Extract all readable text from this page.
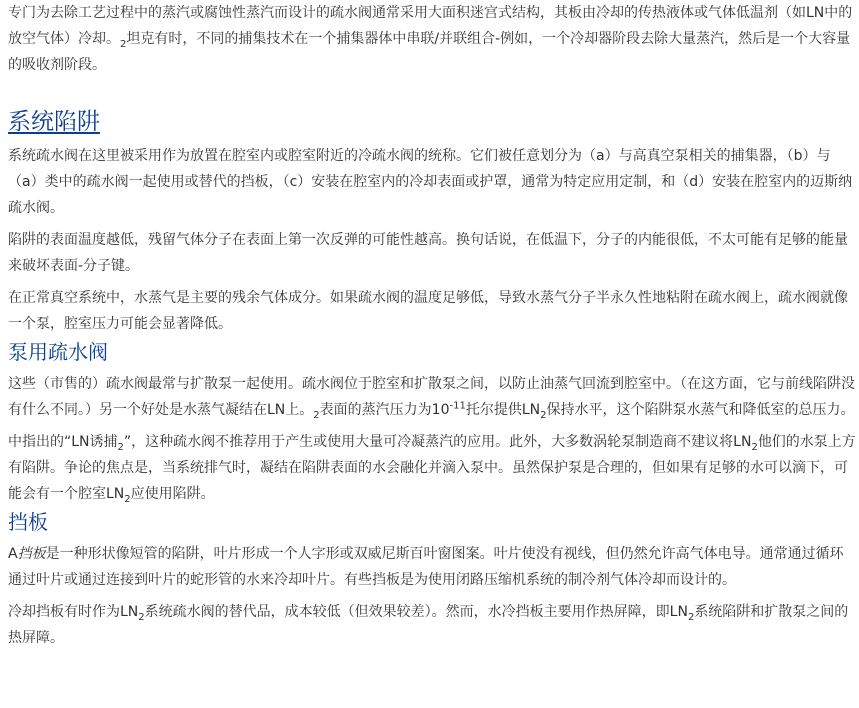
专门为去除工艺过程中的蒸汽或腐蚀性蒸汽而设计的疏水阀通常采用大面积迷宫式结构，其板由冷却的传热液体或气体低温剂（如LN中的放空气体）冷却。$_2$坦克有时，不同的捕集技术在一个捕集器体中串联/并联组合-例如，一个冷却器阶段去除大量蒸汽，然后是一个大容量的吸收剂阶段。

系统陷阱

系统疏水阀在这里被采用作为放置在腔室内或腔室附近的冷疏水阀的统称。它们被任意划分为（a）与高真空泵相关的捕集器，（b）与（a）类中的疏水阀一起使用或替代的挡板，（c）安装在腔室内的冷却表面或护罩，通常为特定应用定制，和（d）安装在腔室内的迈斯纳疏水阀。

陷阱的表面温度越低，残留气体分子在表面上第一次反弹的可能性越高。换句话说，在低温下，分子的内能很低，不太可能有足够的能量来破坏表面-分子键。

在正常真空系统中，水蒸气是主要的残余气体成分。如果疏水阀的温度足够低，导致水蒸气分子半永久性地粘附在疏水阀上，疏水阀就像一个泵，腔室压力可能会显著降低。

泵用疏水阀

这些（市售的）疏水阀最常与扩散泵一起使用。疏水阀位于腔室和扩散泵之间，以防止油蒸气回流到腔室中。（在这方面，它与前线陷阱没有什么不同。）另一个好处是水蒸气凝结在LN上。$_2$表面的蒸汽压力为$10^{-11}$托尔提供$LN_2$保持水平，这个陷阱泵水蒸气和降低室的总压力。

中指出的“LN诱捕$_2$”，这种疏水阀不推荐用于产生或使用大量可冷凝蒸汽的应用。此外，大多数涡轮泵制造商不建议将$LN_2$他们的水泵上方有陷阱。争论的焦点是，当系统排气时，凝结在陷阱表面的水会融化并滴入泵中。虽然保护泵是合理的，但如果有足够的水可以滴下，可能会有一个腔室$LN_2$应使用陷阱。

挡板

A挡板是一种形状像短管的陷阱，叶片形成一个人字形或双威尼斯百叶窗图案。叶片使没有视线，但仍然允许高气体电导。通常通过循环通过叶片或通过连接到叶片的蛇形管的水来冷却叶片。有些挡板是为使用闭路压缩机系统的制冷剂气体冷却而设计的。

冷却挡板有时作为$LN_2$系统疏水阀的替代品，成本较低（但效果较差）。然而，水冷挡板主要用作热屏障，即$LN_2$系统陷阱和扩散泵之间的热屏障。
